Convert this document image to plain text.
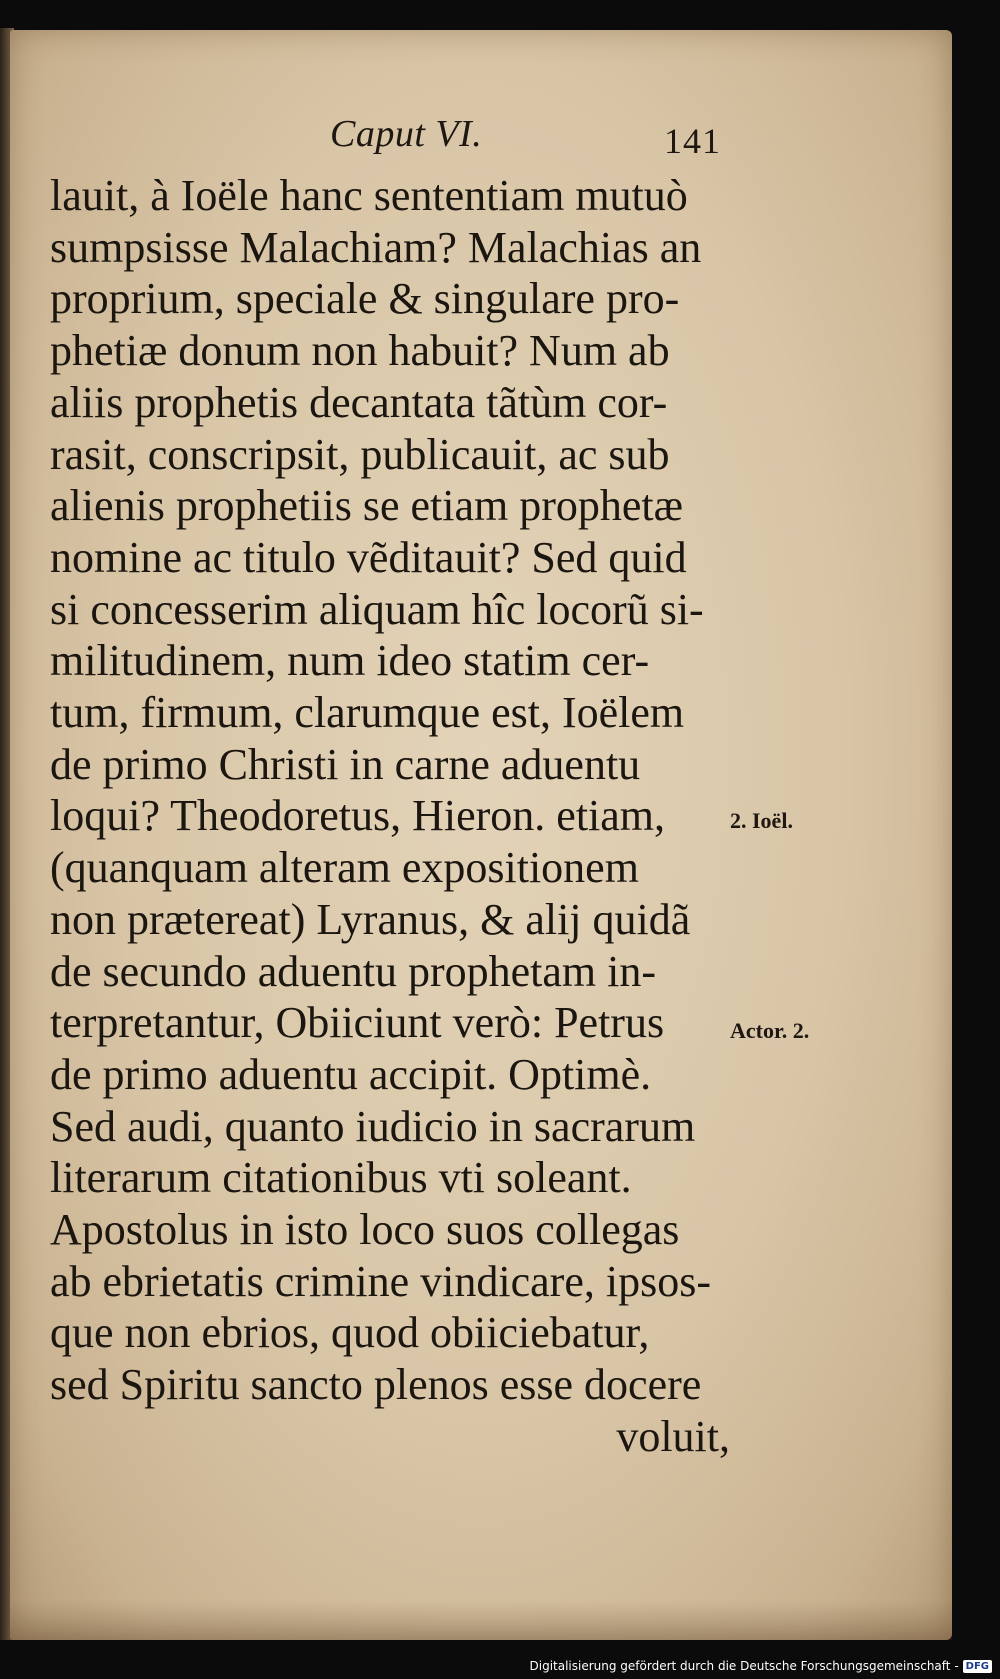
Caput VI.	141
lauit, à Ioële hanc sententiam mutuò
sumpsisse Malachiam? Malachias an
proprium, speciale & singulare pro-
phetiæ donum non habuit? Num ab
aliis prophetis decantata tãtùm cor-
rasit, conscripsit, publicauit, ac sub
alienis prophetiis se etiam prophetæ
nomine ac titulo vẽditauit? Sed quid
si concesserim aliquam hîc locorũ si-
militudinem, num ideo statim cer-
tum, firmum, clarumque est, Ioëlem
de primo Christi in carne aduentu
loqui? Theodoretus, Hieron. etiam,
(quanquam alteram expositionem
non prætereat) Lyranus, & alij quidã
de secundo aduentu prophetam in-
terpretantur, Obiiciunt verò: Petrus
de primo aduentu accipit. Optimè.
Sed audi, quanto iudicio in sacrarum
literarum citationibus vti soleant.
Apostolus in isto loco suos collegas
ab ebrietatis crimine vindicare, ipsos-
que non ebrios, quod obiiciebatur,
sed Spiritu sancto plenos esse docere
voluit,
2. Ioël.
Actor. 2.
Digitalisierung gefördert durch die Deutsche Forschungsgemeinschaft - DFG
